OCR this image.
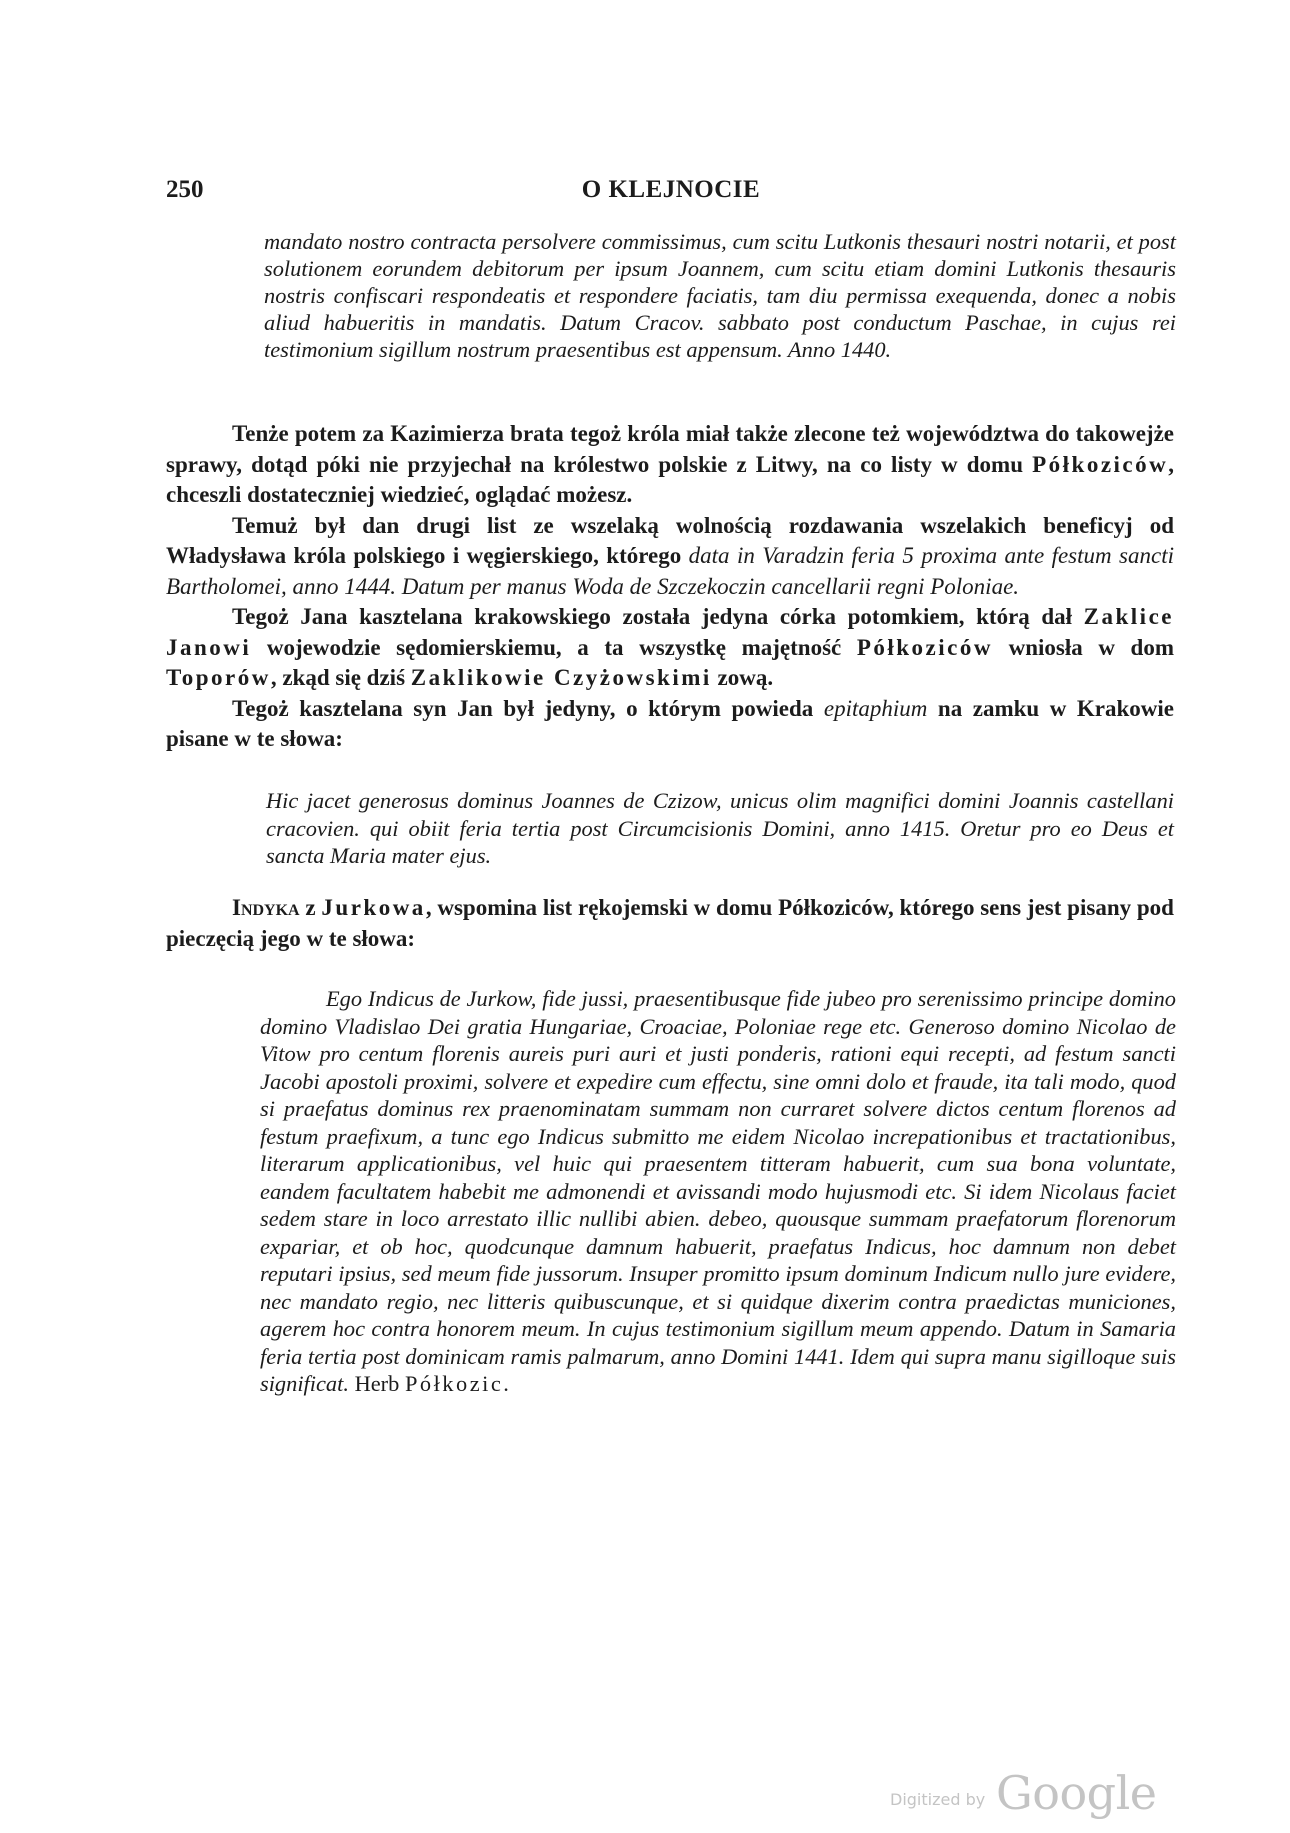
250	O KLEJNOCIE

mandato nostro contracta persolvere commissimus, cum scitu Lutkonis thesauri nostri notarii, et post solutionem eorundem debitorum per ipsum Joannem, cum scitu etiam domini Lutkonis thesauris nostris confiscari respondeatis et respondere faciatis, tam diu permissa exequenda, donec a nobis aliud habueritis in mandatis. Datum Cracov. sabbato post conductum Paschae, in cujus rei testimonium sigillum nostrum praesentibus est appensum. Anno 1440.

Tenże potem za Kazimierza brata tegoż króla miał także zlecone też województwa do takowejże sprawy, dotąd póki nie przyjechał na królestwo polskie z Litwy, na co listy w domu Półkoziców, chceszli dostateczniej wiedzieć, oglądać możesz.

Temuż był dan drugi list ze wszelaką wolnością rozdawania wszelakich beneficyj od Władysława króla polskiego i węgierskiego, którego data in Varadzin feria 5 proxima ante festum sancti Bartholomei, anno 1444. Datum per manus Woda de Szczekoczin cancellarii regni Poloniae.

Tegoż Jana kasztelana krakowskiego została jedyna córka potomkiem, którą dał Zaklice Janowi wojewodzie sędomierskiemu, a ta wszystkę majętność Półkoziców wniosła w dom Toporów, zkąd się dziś Zaklikowie Czyżowskimi zową.

Tegoż kasztelana syn Jan był jedyny, o którym powieda epitaphium na zamku w Krakowie pisane w te słowa:

Hic jacet generosus dominus Joannes de Czizow, unicus olim magnifici domini Joannis castellani cracovien. qui obiit feria tertia post Circumcisionis Domini, anno 1415. Oretur pro eo Deus et sancta Maria mater ejus.

Indyka z Jurkowa, wspomina list rękojemski w domu Półkoziców, którego sens jest pisany pod pieczęcią jego w te słowa:

Ego Indicus de Jurkow, fide jussi, praesentibusque fide jubeo pro serenissimo principe domino domino Vladislao Dei gratia Hungariae, Croaciae, Poloniae rege etc. Generoso domino Nicolao de Vitow pro centum florenis aureis puri auri et justi ponderis, rationi equi recepti, ad festum sancti Jacobi apostoli proximi, solvere et expedire cum effectu, sine omni dolo et fraude, ita tali modo, quod si praefatus dominus rex praenominatam summam non curraret solvere dictos centum florenos ad festum praefixum, a tunc ego Indicus submitto me eidem Nicolao increpationibus et tractationibus, literarum applicationibus, vel huic qui praesentem titteram habuerit, cum sua bona voluntate, eandem facultatem habebit me admonendi et avissandi modo hujusmodi etc. Si idem Nicolaus faciet sedem stare in loco arrestato illic nullibi abien. debeo, quousque summam praefatorum florenorum expariar, et ob hoc, quodcunque damnum habuerit, praefatus Indicus, hoc damnum non debet reputari ipsius, sed meum fide jussorum. Insuper promitto ipsum dominum Indicum nullo jure evidere, nec mandato regio, nec litteris quibuscunque, et si quidque dixerim contra praedictas municiones, agerem hoc contra honorem meum. In cujus testimonium sigillum meum appendo. Datum in Samaria feria tertia post dominicam ramis palmarum, anno Domini 1441. Idem qui supra manu sigilloque suis significat. Herb Półkozic.

Digitized by Google
